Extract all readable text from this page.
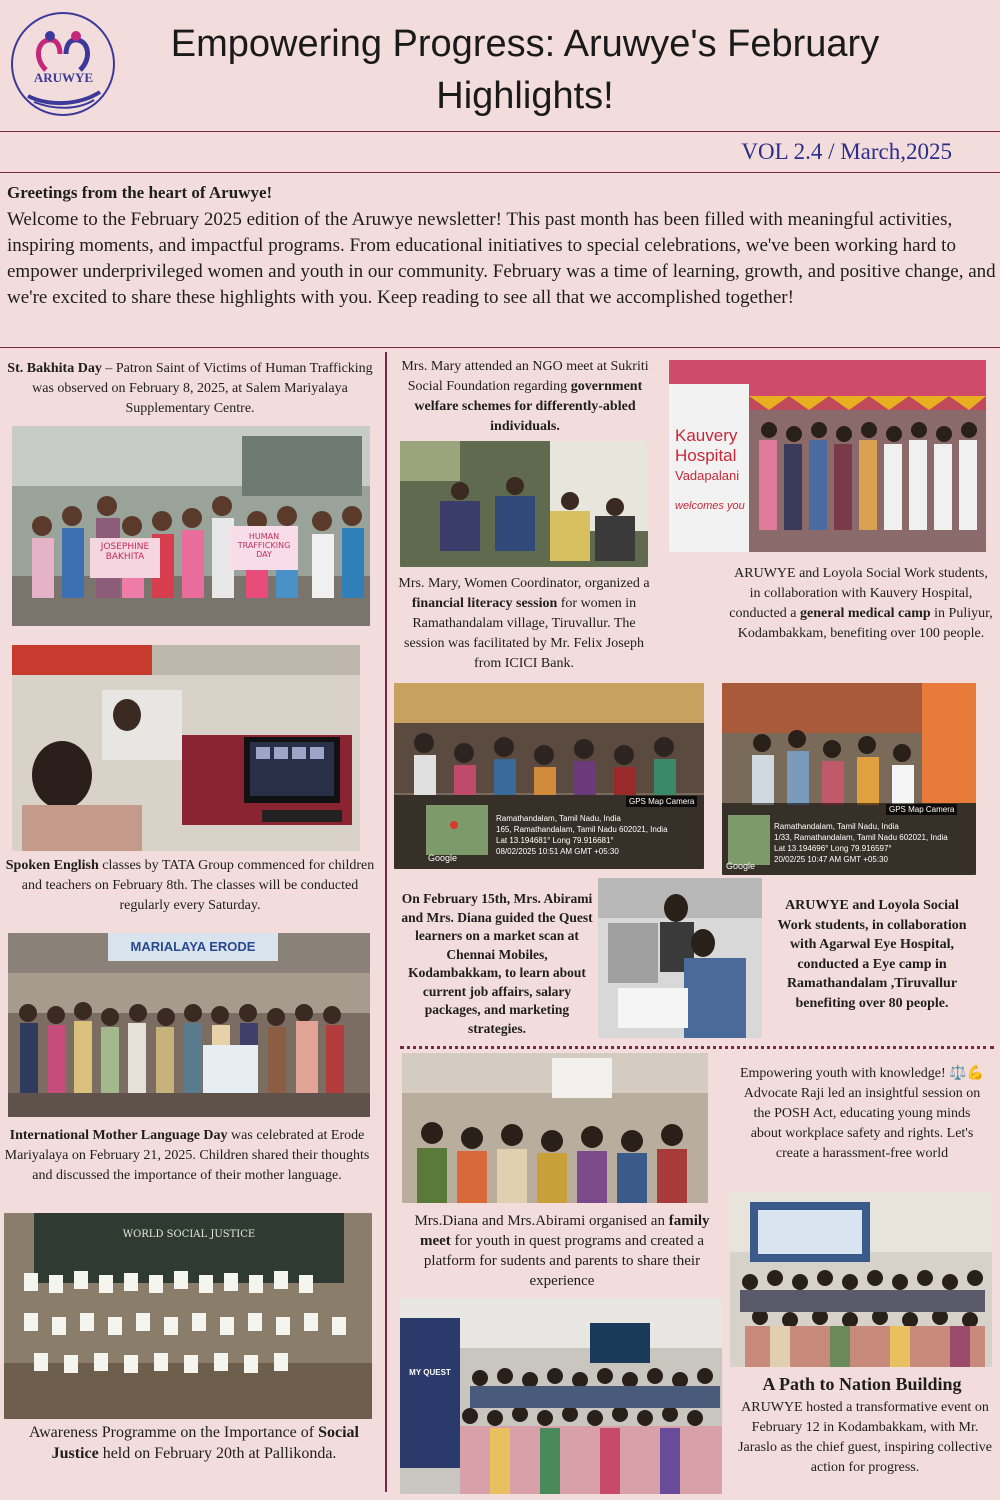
ARUWYE
Empowering Progress: Aruwye's February Highlights!
VOL 2.4 / March,2025
Greetings from the heart of Aruwye!
Welcome to the February 2025 edition of the Aruwye newsletter! This past month has been filled with meaningful activities, inspiring moments, and impactful programs. From educational initiatives to special celebrations, we've been working hard to empower underprivileged women and youth in our community. February was a time of learning, growth, and positive change, and we're excited to share these highlights with you. Keep reading to see all that we accomplished together!
St. Bakhita Day – Patron Saint of Victims of Human Trafficking was observed on February 8, 2025, at Salem Mariyalaya Supplementary Centre.
JOSEPHINE BAKHITA
HUMAN TRAFFICKING DAY
Spoken English classes by TATA Group commenced for children and teachers on February 8th. The classes will be conducted regularly every Saturday.
MARIALAYA ERODE
International Mother Language Day was celebrated at Erode Mariyalaya on February 21, 2025. Children shared their thoughts and discussed the importance of their mother language.
WORLD SOCIAL JUSTICE
Awareness Programme on the Importance of Social Justice held on February 20th at Pallikonda.
Mrs. Mary attended an NGO meet at Sukriti Social Foundation regarding government welfare schemes for differently-abled individuals.
Mrs. Mary, Women Coordinator, organized a financial literacy session for women in Ramathandalam village, Tiruvallur. The session was facilitated by Mr. Felix Joseph from ICICI Bank.
GPS Map Camera
Ramathandalam, Tamil Nadu, India
165, Ramathandalam, Tamil Nadu 602021, India
Lat 13.194681° Long 79.916681°
08/02/2025 10:51 AM GMT +05:30
Google
On February 15th, Mrs. Abirami and Mrs. Diana guided the Quest learners on a market scan at Chennai Mobiles, Kodambakkam, to learn about current job affairs, salary packages, and marketing strategies.
Mrs.Diana and Mrs.Abirami organised an family meet for youth in quest programs and created a platform for sudents and parents to share their experience
MY QUEST
Kauvery
Hospital
Vadapalani
welcomes you
ARUWYE and Loyola Social Work students, in collaboration with Kauvery Hospital, conducted a general medical camp in Puliyur, Kodambakkam, benefiting over 100 people.
GPS Map Camera
Ramathandalam, Tamil Nadu, India
1/33, Ramathandalam, Tamil Nadu 602021, India
Lat 13.194696° Long 79.916597°
20/02/25 10:47 AM GMT +05:30
Google
ARUWYE and Loyola Social Work students, in collaboration with Agarwal Eye Hospital, conducted a Eye camp in Ramathandalam ,Tiruvallur benefiting over 80 people.
Empowering youth with knowledge! ⚖️💪 Advocate Raji led an insightful session on the POSH Act, educating young minds about workplace safety and rights. Let's create a harassment-free world
A Path to Nation Building
ARUWYE hosted a transformative event on February 12 in Kodambakkam, with Mr. Jaraslo as the chief guest, inspiring collective action for progress.
